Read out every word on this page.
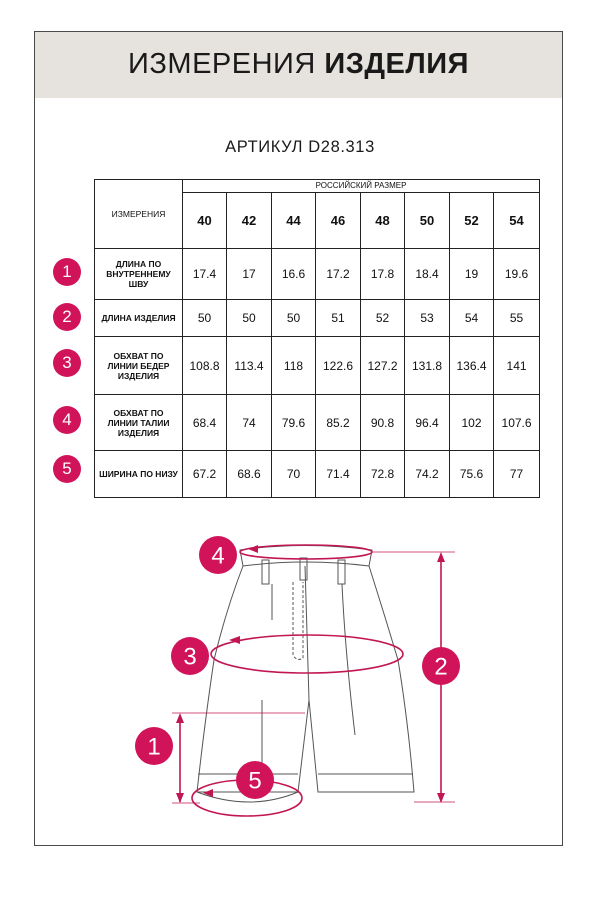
ИЗМЕРЕНИЯ ИЗДЕЛИЯ
АРТИКУЛ D28.313
ИЗМЕРЕНИЯ	РОССИЙСКИЙ РАЗМЕР							
	40	42	44	46	48	50	52	54
ДЛИНА ПО ВНУТРЕННЕМУ ШВУ	17.4	17	16.6	17.2	17.8	18.4	19	19.6
ДЛИНА ИЗДЕЛИЯ	50	50	50	51	52	53	54	55
ОБХВАТ ПО ЛИНИИ БЕДЕР ИЗДЕЛИЯ	108.8	113.4	118	122.6	127.2	131.8	136.4	141
ОБХВАТ ПО ЛИНИИ ТАЛИИ ИЗДЕЛИЯ	68.4	74	79.6	85.2	90.8	96.4	102	107.6
ШИРИНА ПО НИЗУ	67.2	68.6	70	71.4	72.8	74.2	75.6	77
1
2
3
4
5
4
3	2
1
5
